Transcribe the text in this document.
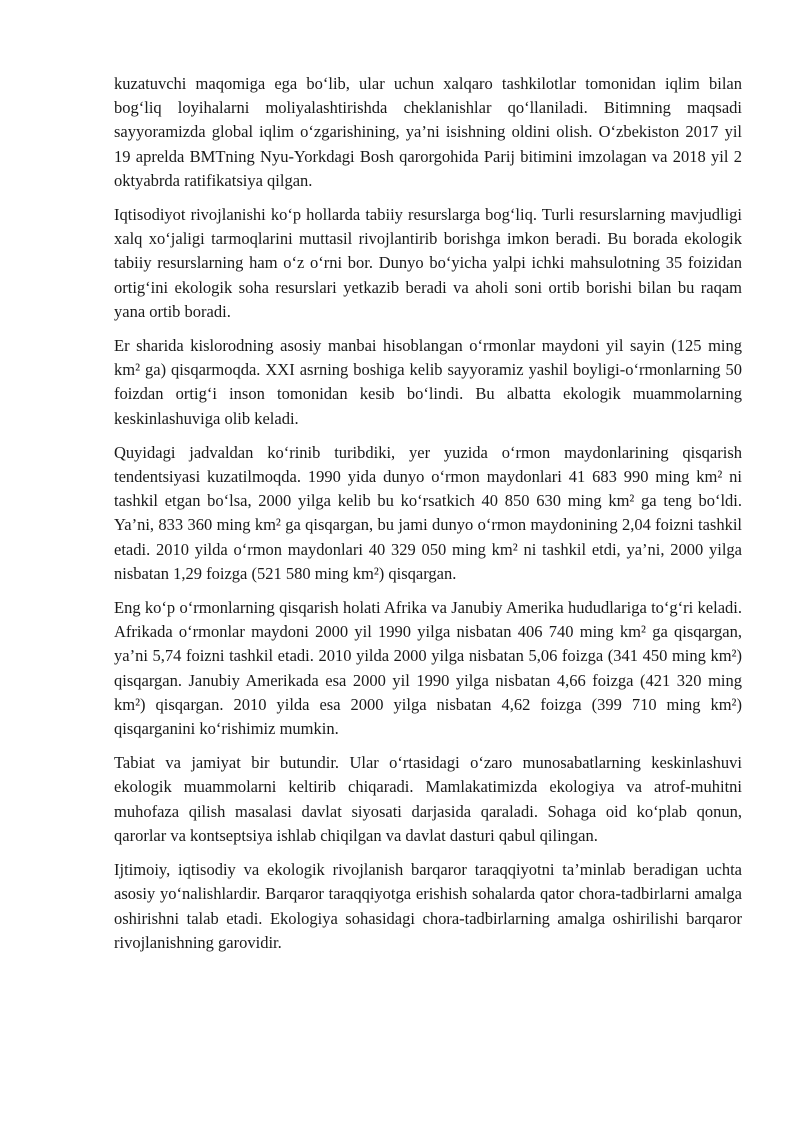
kuzatuvchi maqomiga ega bo‘lib, ular uchun xalqaro tashkilotlar tomonidan iqlim bilan bog‘liq loyihalarni moliyalashtirishda cheklanishlar qo‘llaniladi. Bitimning maqsadi sayyoramizda global iqlim o‘zgarishining, ya’ni isishning oldini olish. O‘zbekiston 2017 yil 19 aprelda BMTning Nyu-Yorkdagi Bosh qarorgohida Parij bitimini imzolagan va 2018 yil 2 oktyabrda ratifikatsiya qilgan.

Iqtisodiyot rivojlanishi ko‘p hollarda tabiiy resurslarga bog‘liq. Turli resurslarning mavjudligi xalq xo‘jaligi tarmoqlarini muttasil rivojlantirib borishga imkon beradi. Bu borada ekologik tabiiy resurslarning ham o‘z o‘rni bor. Dunyo bo‘yicha yalpi ichki mahsulotning 35 foizidan ortig‘ini ekologik soha resurslari yetkazib beradi va aholi soni ortib borishi bilan bu raqam yana ortib boradi.

Er sharida kislorodning asosiy manbai hisoblangan o‘rmonlar maydoni yil sayin (125 ming km² ga) qisqarmoqda. XXI asrning boshiga kelib sayyoramiz yashil boyligi-o‘rmonlarning 50 foizdan ortig‘i inson tomonidan kesib bo‘lindi. Bu albatta ekologik muammolarning keskinlashuviga olib keladi.

Quyidagi jadvaldan ko‘rinib turibdiki, yer yuzida o‘rmon maydonlarining qisqarish tendentsiyasi kuzatilmoqda. 1990 yida dunyo o‘rmon maydonlari 41 683 990 ming km² ni tashkil etgan bo‘lsa, 2000 yilga kelib bu ko‘rsatkich 40 850 630 ming km² ga teng bo‘ldi. Ya’ni, 833 360 ming km² ga qisqargan, bu jami dunyo o‘rmon maydonining 2,04 foizni tashkil etadi. 2010 yilda o‘rmon maydonlari 40 329 050 ming km² ni tashkil etdi, ya’ni, 2000 yilga nisbatan 1,29 foizga (521 580 ming km²) qisqargan.

Eng ko‘p o‘rmonlarning qisqarish holati Afrika va Janubiy Amerika hududlariga to‘g‘ri keladi. Afrikada o‘rmonlar maydoni 2000 yil 1990 yilga nisbatan 406 740 ming km² ga qisqargan, ya’ni 5,74 foizni tashkil etadi. 2010 yilda 2000 yilga nisbatan 5,06 foizga (341 450 ming km²) qisqargan. Janubiy Amerikada esa 2000 yil 1990 yilga nisbatan 4,66 foizga (421 320 ming km²) qisqargan. 2010 yilda esa 2000 yilga nisbatan 4,62 foizga (399 710 ming km²) qisqarganini ko‘rishimiz mumkin.

Tabiat va jamiyat bir butundir. Ular o‘rtasidagi o‘zaro munosabatlarning keskinlashuvi ekologik muammolarni keltirib chiqaradi. Mamlakatimizda ekologiya va atrof-muhitni muhofaza qilish masalasi davlat siyosati darjasida qaraladi. Sohaga oid ko‘plab qonun, qarorlar va kontseptsiya ishlab chiqilgan va davlat dasturi qabul qilingan.

Ijtimoiy, iqtisodiy va ekologik rivojlanish barqaror taraqqiyotni ta’minlab beradigan uchta asosiy yo‘nalishlardir. Barqaror taraqqiyotga erishish sohalarda qator chora-tadbirlarni amalga oshirishni talab etadi. Ekologiya sohasidagi chora-tadbirlarning amalga oshirilishi barqaror rivojlanishning garovidir.
